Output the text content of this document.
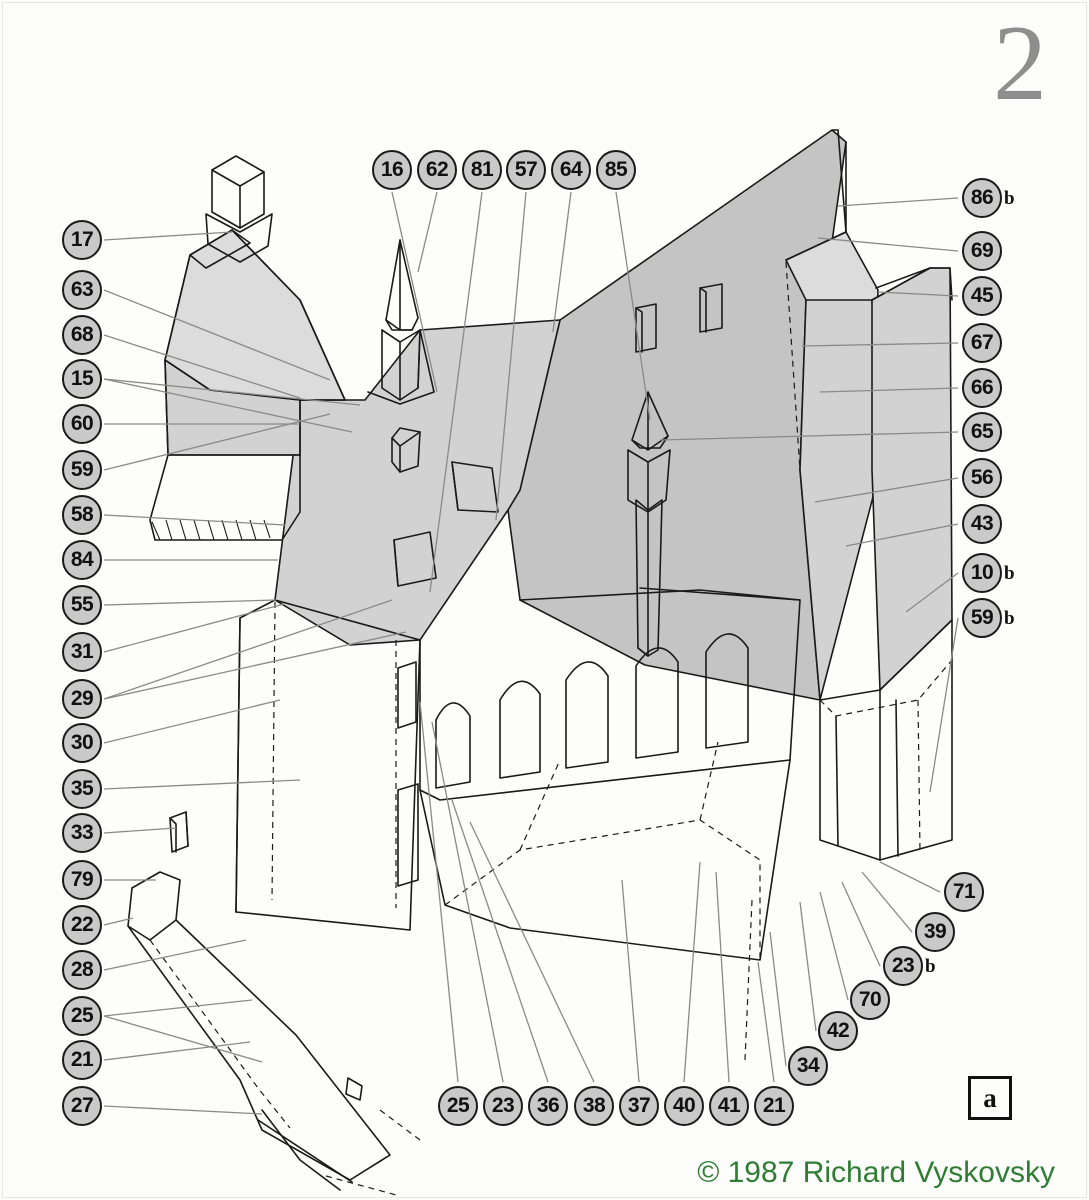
2
a
© 1987 Richard Vyskovsky
17
63
68
15
60
59
58
84
55
31
29
30
35
33
79
22
28
25
21
27
16 62 81 57 64 85
86 b
69
45
67
66
65
56
43
10 b
59 b
71
39
23 b
70
42
34
25 23 36 38 37 40 41 21
